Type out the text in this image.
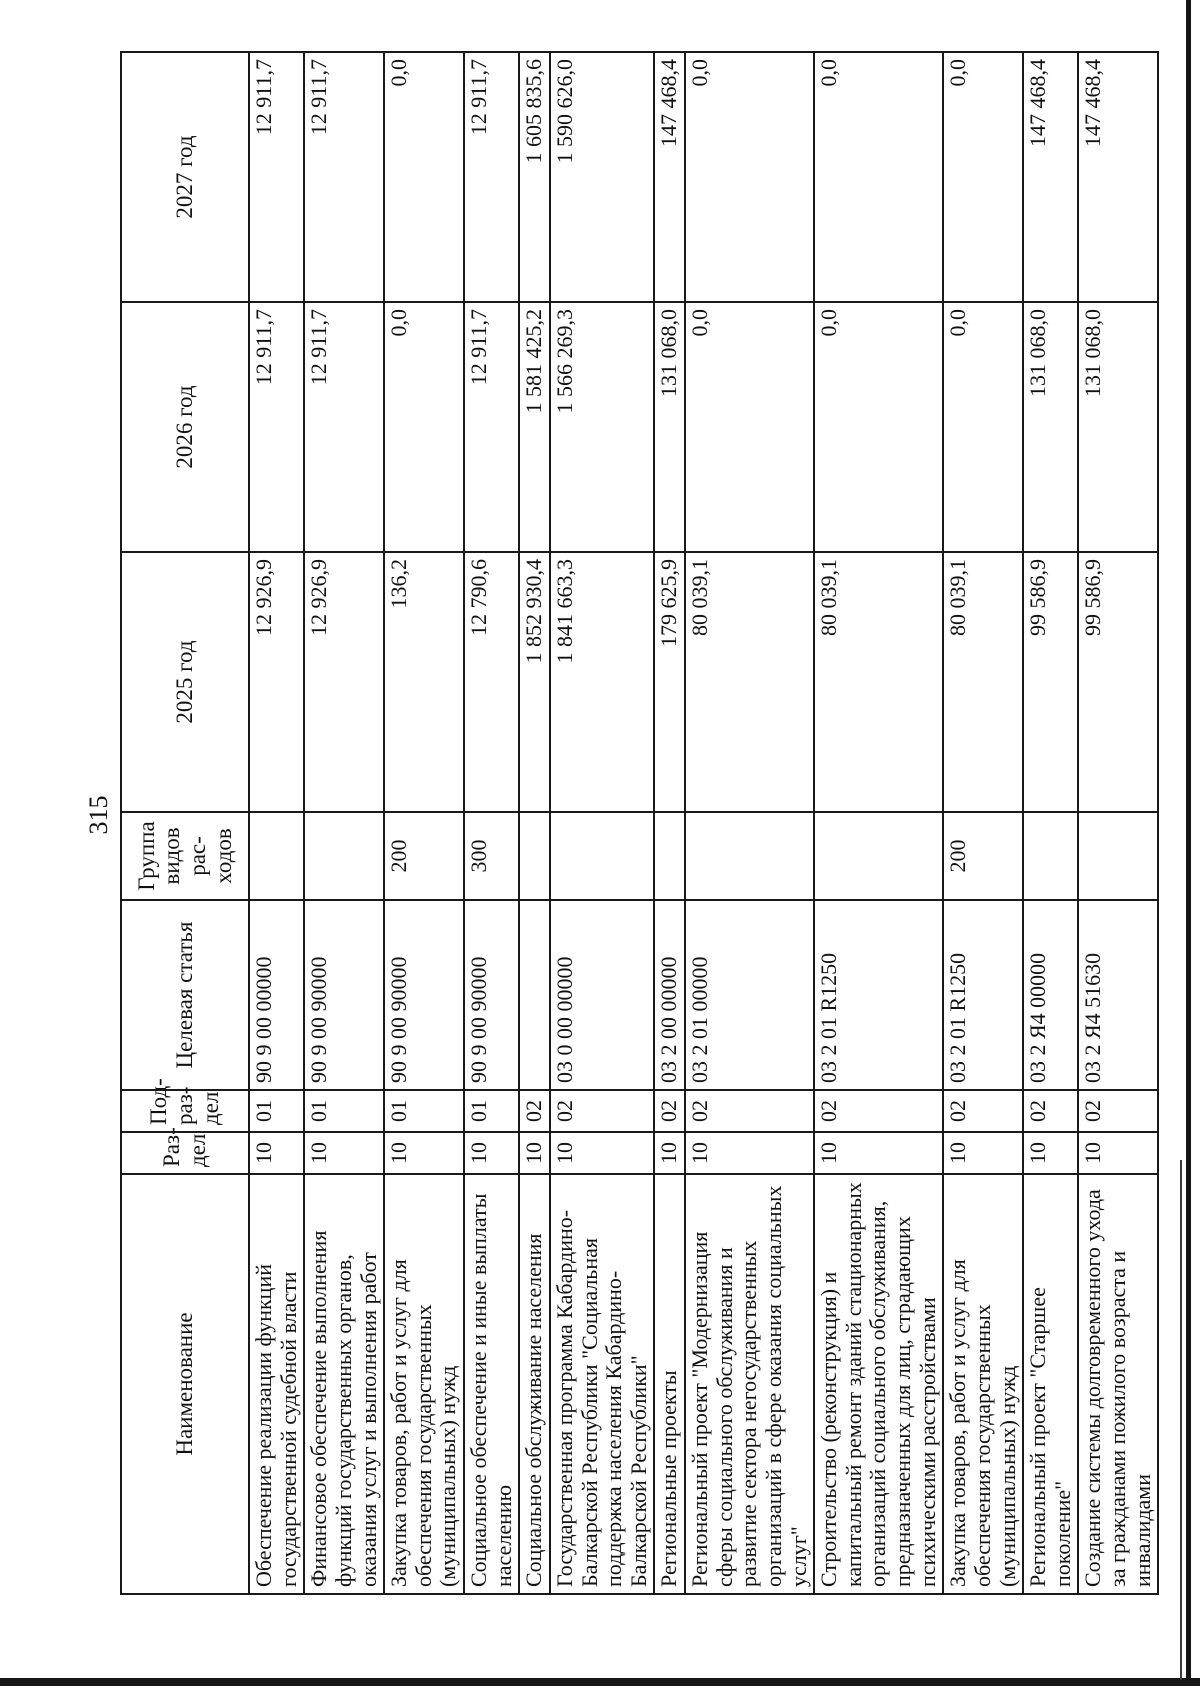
315
Наименование	Раз-дел	Под-раз-дел	Целевая статья	Группа видов рас-ходов	2025 год	2026 год	2027 год
Обеспечение реализации функций государственной судебной власти	10	01	90 9 00 00000		12 926,9	12 911,7	12 911,7
Финансовое обеспечение выполнения функций государственных органов, оказания услуг и выполнения работ	10	01	90 9 00 90000		12 926,9	12 911,7	12 911,7
Закупка товаров, работ и услуг для обеспечения государственных (муниципальных) нужд	10	01	90 9 00 90000	200	136,2	0,0	0,0
Социальное обеспечение и иные выплаты населению	10	01	90 9 00 90000	300	12 790,6	12 911,7	12 911,7
Социальное обслуживание населения	10	02			1 852 930,4	1 581 425,2	1 605 835,6
Государственная программа Кабардино-Балкарской Республики "Социальная поддержка населения Кабардино-Балкарской Республики"	10	02	03 0 00 00000		1 841 663,3	1 566 269,3	1 590 626,0
Региональные проекты	10	02	03 2 00 00000		179 625,9	131 068,0	147 468,4
Региональный проект "Модернизация сферы социального обслуживания и развитие сектора негосударственных организаций в сфере оказания социальных услуг"	10	02	03 2 01 00000		80 039,1	0,0	0,0
Строительство (реконструкция) и капитальный ремонт зданий стационарных организаций социального обслуживания, предназначенных для лиц, страдающих психическими расстройствами	10	02	03 2 01 R1250		80 039,1	0,0	0,0
Закупка товаров, работ и услуг для обеспечения государственных (муниципальных) нужд	10	02	03 2 01 R1250	200	80 039,1	0,0	0,0
Региональный проект "Старшее поколение"	10	02	03 2 Я4 00000		99 586,9	131 068,0	147 468,4
Создание системы долговременного ухода за гражданами пожилого возраста и инвалидами	10	02	03 2 Я4 51630		99 586,9	131 068,0	147 468,4
